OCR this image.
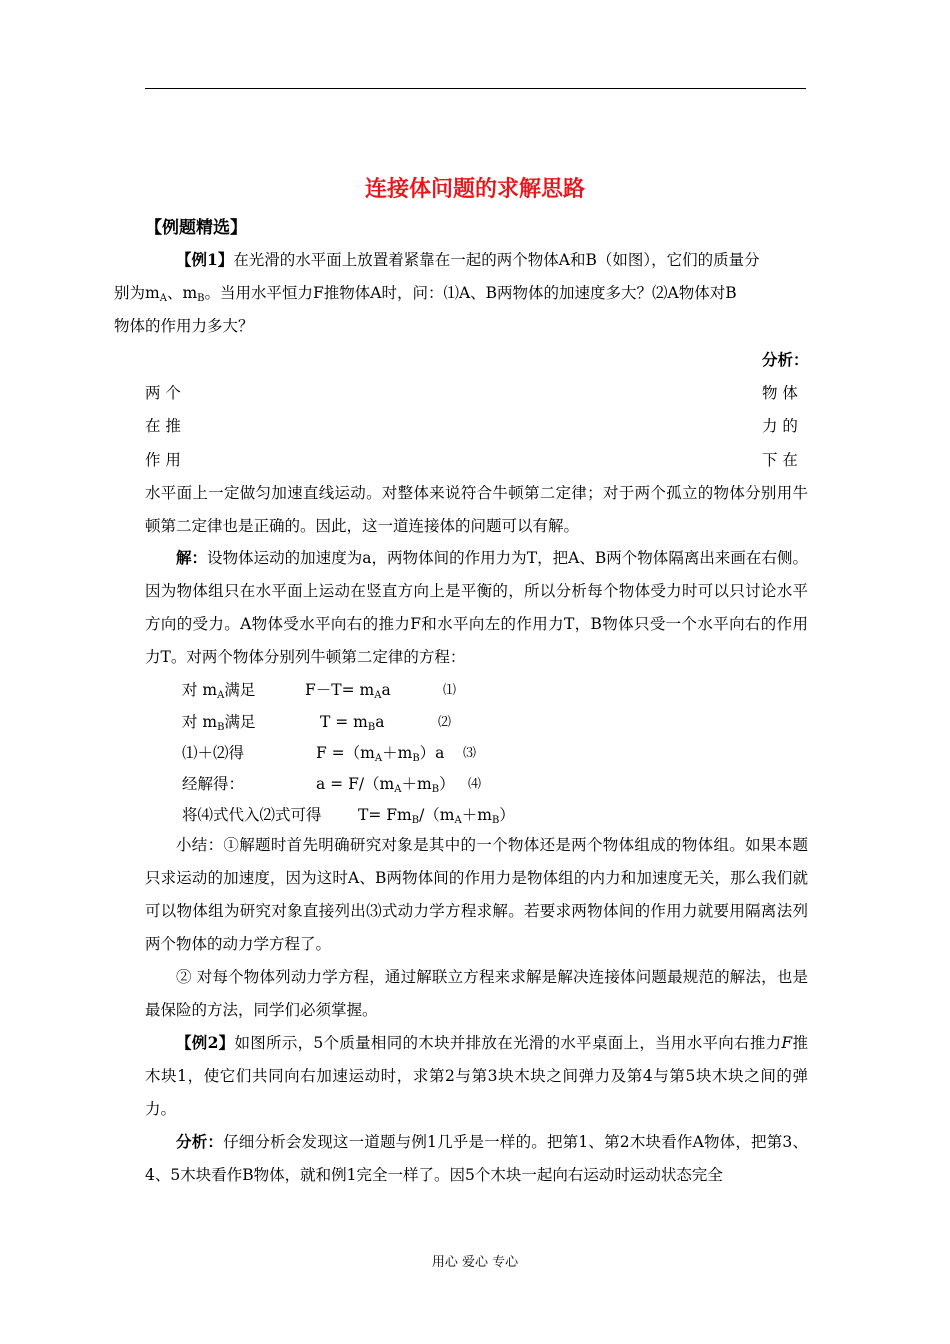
连接体问题的求解思路
【例题精选】
【例1】在光滑的水平面上放置着紧靠在一起的两个物体A和B（如图），它们的质量分
别为$m_A$、$m_B$。当用水平恒力F推物体A时，问：⑴A、B两物体的加速度多大？⑵A物体对B
物体的作用力多大？
分析：
两 个
在 推
作 用
物 体
力 的
下 在
水平面上一定做匀加速直线运动。对整体来说符合牛顿第二定律；对于两个孤立的物体分别用牛顿第二定律也是正确的。因此，这一道连接体的问题可以有解。
解：设物体运动的加速度为a，两物体间的作用力为T，把A、B两个物体隔离出来画在右侧。因为物体组只在水平面上运动在竖直方向上是平衡的，所以分析每个物体受力时可以只讨论水平方向的受力。A物体受水平向右的推力F和水平向左的作用力T，B物体只受一个水平向右的作用力T。对两个物体分别列牛顿第二定律的方程：
对 $m_A$满足	$F-T= m_Aa$	⑴
对 $m_B$满足	$T = m_Ba$	⑵
⑴＋⑵得	$F =(m_A+m_B)a$ ⑶
经解得：	$a = F/(m_A+m_B)$ ⑷
将⑷式代入⑵式可得 $T= Fm_B/(m_A+m_B)$
小结：①解题时首先明确研究对象是其中的一个物体还是两个物体组成的物体组。如果本题只求运动的加速度，因为这时A、B两物体间的作用力是物体组的内力和加速度无关，那么我们就可以物体组为研究对象直接列出⑶式动力学方程求解。若要求两物体间的作用力就要用隔离法列两个物体的动力学方程了。
② 对每个物体列动力学方程，通过解联立方程来求解是解决连接体问题最规范的解法，也是最保险的方法，同学们必须掌握。
【例2】如图所示，5个质量相同的木块并排放在光滑的水平桌面上，当用水平向右推力F推木块1，使它们共同向右加速运动时，求第2与第3块木块之间弹力及第4与第5块木块之间的弹力。
分析：仔细分析会发现这一道题与例1几乎是一样的。把第1、第2木块看作A物体，把第3、4、5木块看作B物体，就和例1完全一样了。因5个木块一起向右运动时运动状态完全
用心 爱心 专心
